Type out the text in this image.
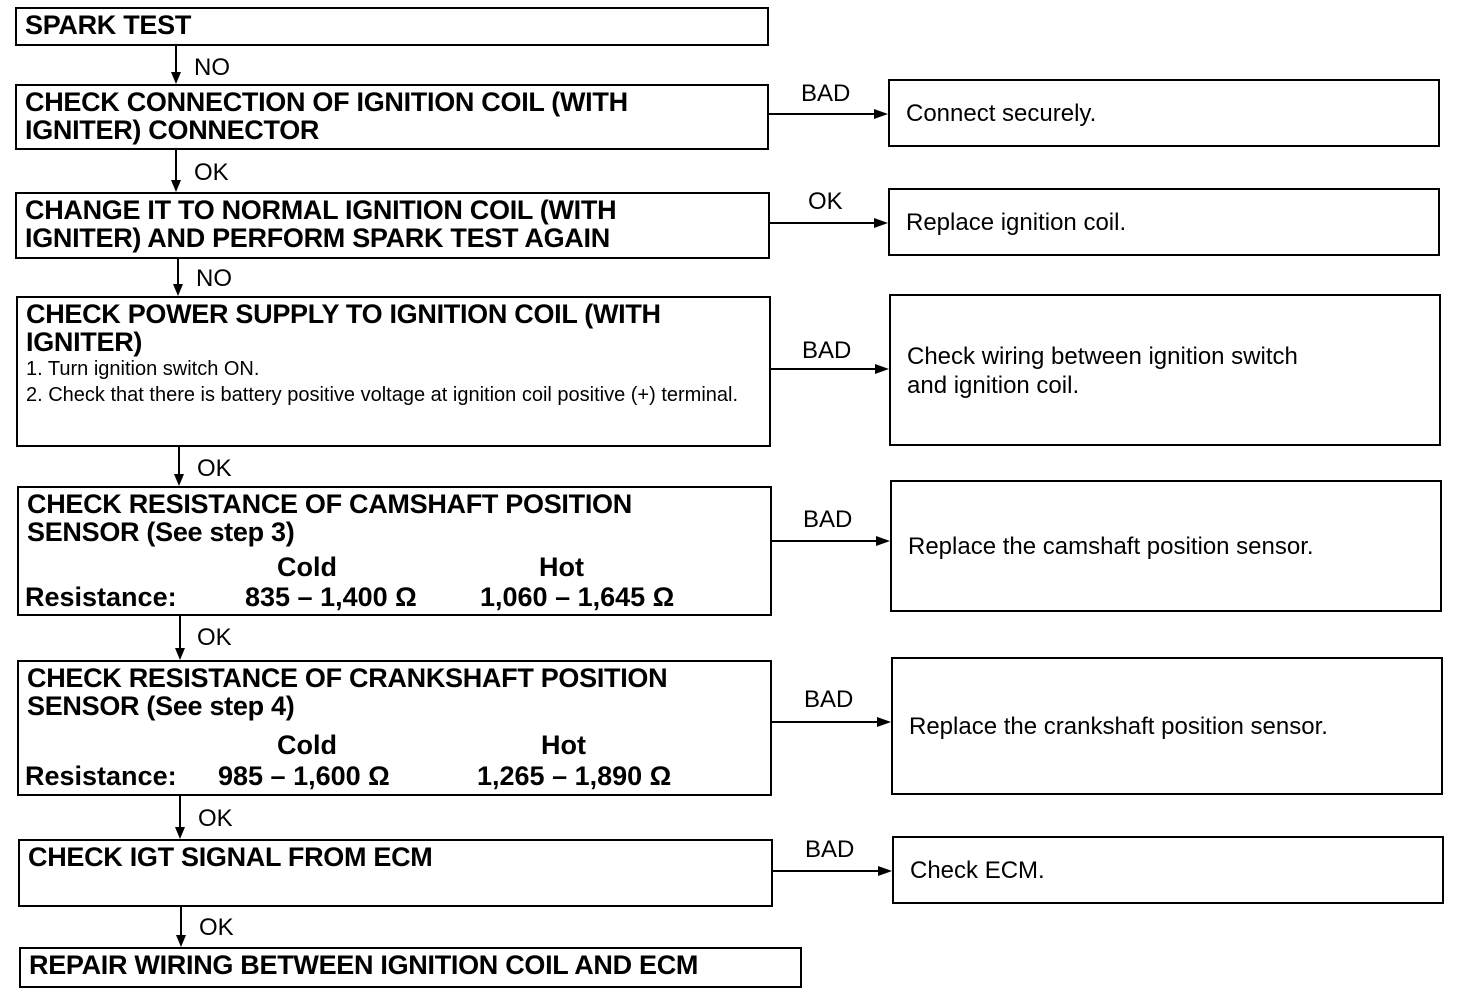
SPARK TEST

CHECK CONNECTION OF IGNITION COIL (WITH
IGNITER) CONNECTOR

CHANGE IT TO NORMAL IGNITION COIL (WITH
IGNITER) AND PERFORM SPARK TEST AGAIN

CHECK POWER SUPPLY TO IGNITION COIL (WITH
IGNITER)

1. Turn ignition switch ON.

2. Check that there is battery positive voltage at ignition coil positive (+) terminal.

CHECK RESISTANCE OF CAMSHAFT POSITION
SENSOR (See step 3)

Cold	Hot
Resistance:	835 – 1,400 Ω 1,060 – 1,645 Ω

CHECK RESISTANCE OF CRANKSHAFT POSITION
SENSOR (See step 4)

Cold	Hot
Resistance: 985 – 1,600 Ω	1,265 – 1,890 Ω

CHECK IGT SIGNAL FROM ECM

REPAIR WIRING BETWEEN IGNITION COIL AND ECM

Connect securely.
Replace ignition coil.
Check wiring between ignition switch
and ignition coil.
Replace the camshaft position sensor.
Replace the crankshaft position sensor.
Check ECM.
NO
OK
NO
OK
OK
OK
OK
BAD
OK
BAD
BAD
BAD
BAD
